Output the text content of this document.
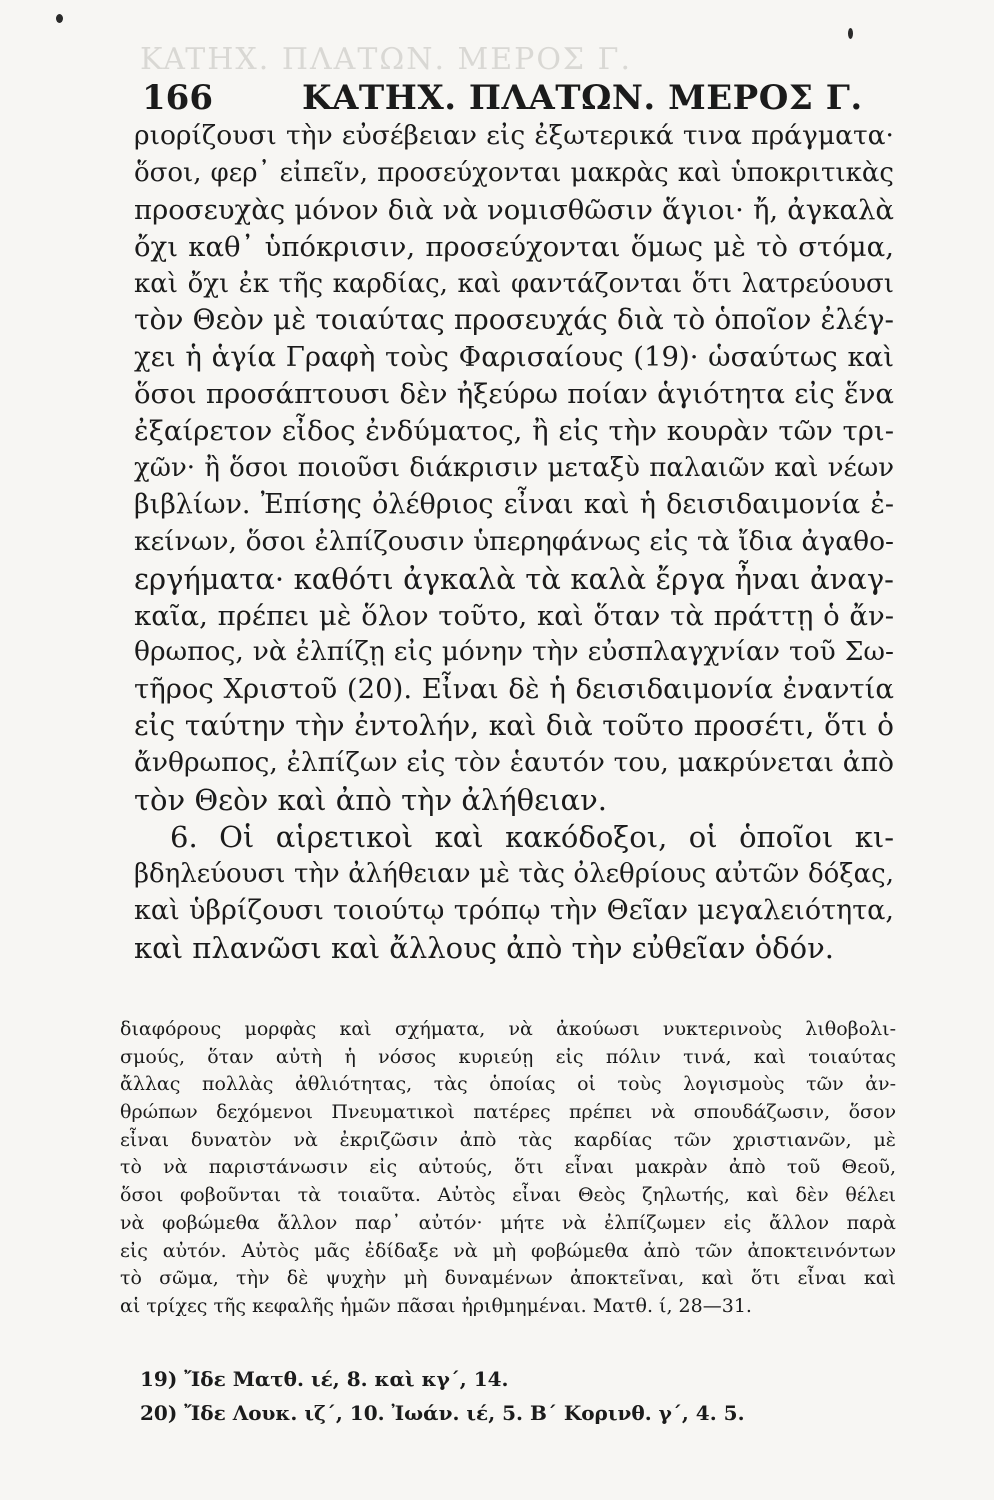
KATHX. ΠΛΑΤΩΝ. ΜΕΡΟΣ Γ.
166	ΚΑΤΗΧ. ΠΛΑΤΩΝ. ΜΕΡΟΣ Γ.
ριορίζουσι τὴν εὐσέβειαν εἰς ἐξωτερικά τινα πράγματα·
ὅσοι, φερ᾽ εἰπεῖν, προσεύχονται μακρὰς καὶ ὑποκριτικὰς
προσευχὰς μόνον διὰ νὰ νομισθῶσιν ἅγιοι· ἤ, ἀγκαλὰ
ὄχι καθ᾽ ὑπόκρισιν, προσεύχονται ὅμως μὲ τὸ στόμα,
καὶ ὄχι ἐκ τῆς καρδίας, καὶ φαντάζονται ὅτι λατρεύουσι
τὸν Θεὸν μὲ τοιαύτας προσευχάς διὰ τὸ ὁποῖον ἐλέγ-
χει ἡ ἁγία Γραφὴ τοὺς Φαρισαίους (19)· ὡσαύτως καὶ
ὅσοι προσάπτουσι δὲν ἠξεύρω ποίαν ἁγιότητα εἰς ἕνα
ἐξαίρετον εἶδος ἐνδύματος, ἢ εἰς τὴν κουρὰν τῶν τρι-
χῶν· ἢ ὅσοι ποιοῦσι διάκρισιν μεταξὺ παλαιῶν καὶ νέων
βιβλίων. Ἐπίσης ὀλέθριος εἶναι καὶ ἡ δεισιδαιμονία ἐ-
κείνων, ὅσοι ἐλπίζουσιν ὑπερηφάνως εἰς τὰ ἴδια ἀγαθο-
εργήματα· καθότι ἀγκαλὰ τὰ καλὰ ἔργα ἦναι ἀναγ-
καῖα, πρέπει μὲ ὅλον τοῦτο, καὶ ὅταν τὰ πράττῃ ὁ ἄν-
θρωπος, νὰ ἐλπίζῃ εἰς μόνην τὴν εὐσπλαγχνίαν τοῦ Σω-
τῆρος Χριστοῦ (20). Εἶναι δὲ ἡ δεισιδαιμονία ἐναντία
εἰς ταύτην τὴν ἐντολήν, καὶ διὰ τοῦτο προσέτι, ὅτι ὁ
ἄνθρωπος, ἐλπίζων εἰς τὸν ἑαυτόν του, μακρύνεται ἀπὸ
τὸν Θεὸν καὶ ἀπὸ τὴν ἀλήθειαν.
6. Οἱ αἱρετικοὶ καὶ κακόδοξοι, οἱ ὁποῖοι κι-
βδηλεύουσι τὴν ἀλήθειαν μὲ τὰς ὀλεθρίους αὐτῶν δόξας,
καὶ ὑβρίζουσι τοιούτῳ τρόπῳ τὴν Θεῖαν μεγαλειότητα,
καὶ πλανῶσι καὶ ἄλλους ἀπὸ τὴν εὐθεῖαν ὁδόν.
διαφόρους μορφὰς καὶ σχήματα, νὰ ἀκούωσι νυκτερινοὺς λιθοβολι-
σμούς, ὅταν αὐτὴ ἡ νόσος κυριεύῃ εἰς πόλιν τινά, καὶ τοιαύτας
ἄλλας πολλὰς ἀθλιότητας, τὰς ὁποίας οἱ τοὺς λογισμοὺς τῶν ἀν-
θρώπων δεχόμενοι Πνευματικοὶ πατέρες πρέπει νὰ σπουδάζωσιν, ὅσον
εἶναι δυνατὸν νὰ ἐκριζῶσιν ἀπὸ τὰς καρδίας τῶν χριστιανῶν, μὲ
τὸ νὰ παριστάνωσιν εἰς αὐτούς, ὅτι εἶναι μακρὰν ἀπὸ τοῦ Θεοῦ,
ὅσοι φοβοῦνται τὰ τοιαῦτα. Αὐτὸς εἶναι Θεὸς ζηλωτής, καὶ δὲν θέλει
νὰ φοβώμεθα ἄλλον παρ᾽ αὐτόν· μήτε νὰ ἐλπίζωμεν εἰς ἄλλον παρὰ
εἰς αὐτόν. Αὐτὸς μᾶς ἐδίδαξε νὰ μὴ φοβώμεθα ἀπὸ τῶν ἀποκτεινόντων
τὸ σῶμα, τὴν δὲ ψυχὴν μὴ δυναμένων ἀποκτεῖναι, καὶ ὅτι εἶναι καὶ
αἱ τρίχες τῆς κεφαλῆς ἡμῶν πᾶσαι ἠριθμημέναι. Ματθ. ί, 28—31.
19) Ἴδε Ματθ. ιέ, 8. καὶ κγ΄, 14.
20) Ἴδε Λουκ. ιζ΄, 10. Ἰωάν. ιέ, 5. Β΄ Κορινθ. γ΄, 4. 5.
